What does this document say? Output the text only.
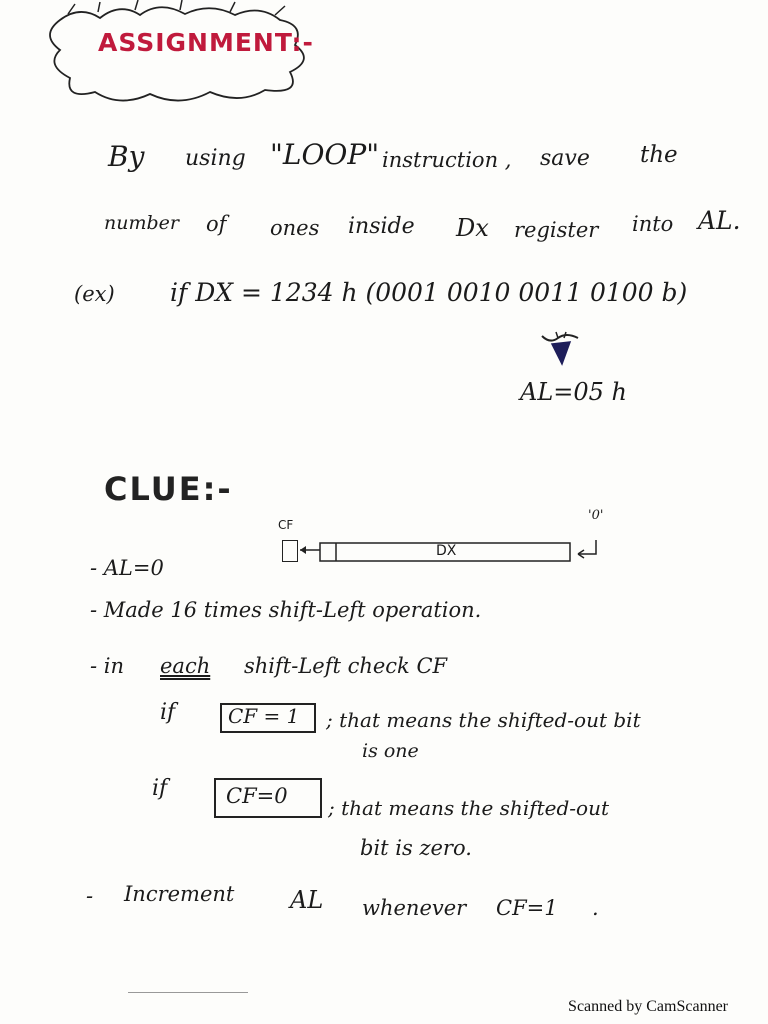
ASSIGNMENT:-
By using "LOOP" instruction , save the
number of ones inside Dx register into AL.
(ex) if DX = 1234 h (0001 0010 0011 0100 b)
AL=05 h
CLUE:-
CF
'0'
DX
- AL=0
- Made 16 times shift-Left operation.
- in each shift-Left check CF
if	CF = 1 ; that means the shifted-out bit
is one
if	CF=0 ; that means the shifted-out
bit is zero.
- Increment AL whenever CF=1 .
Scanned by CamScanner
